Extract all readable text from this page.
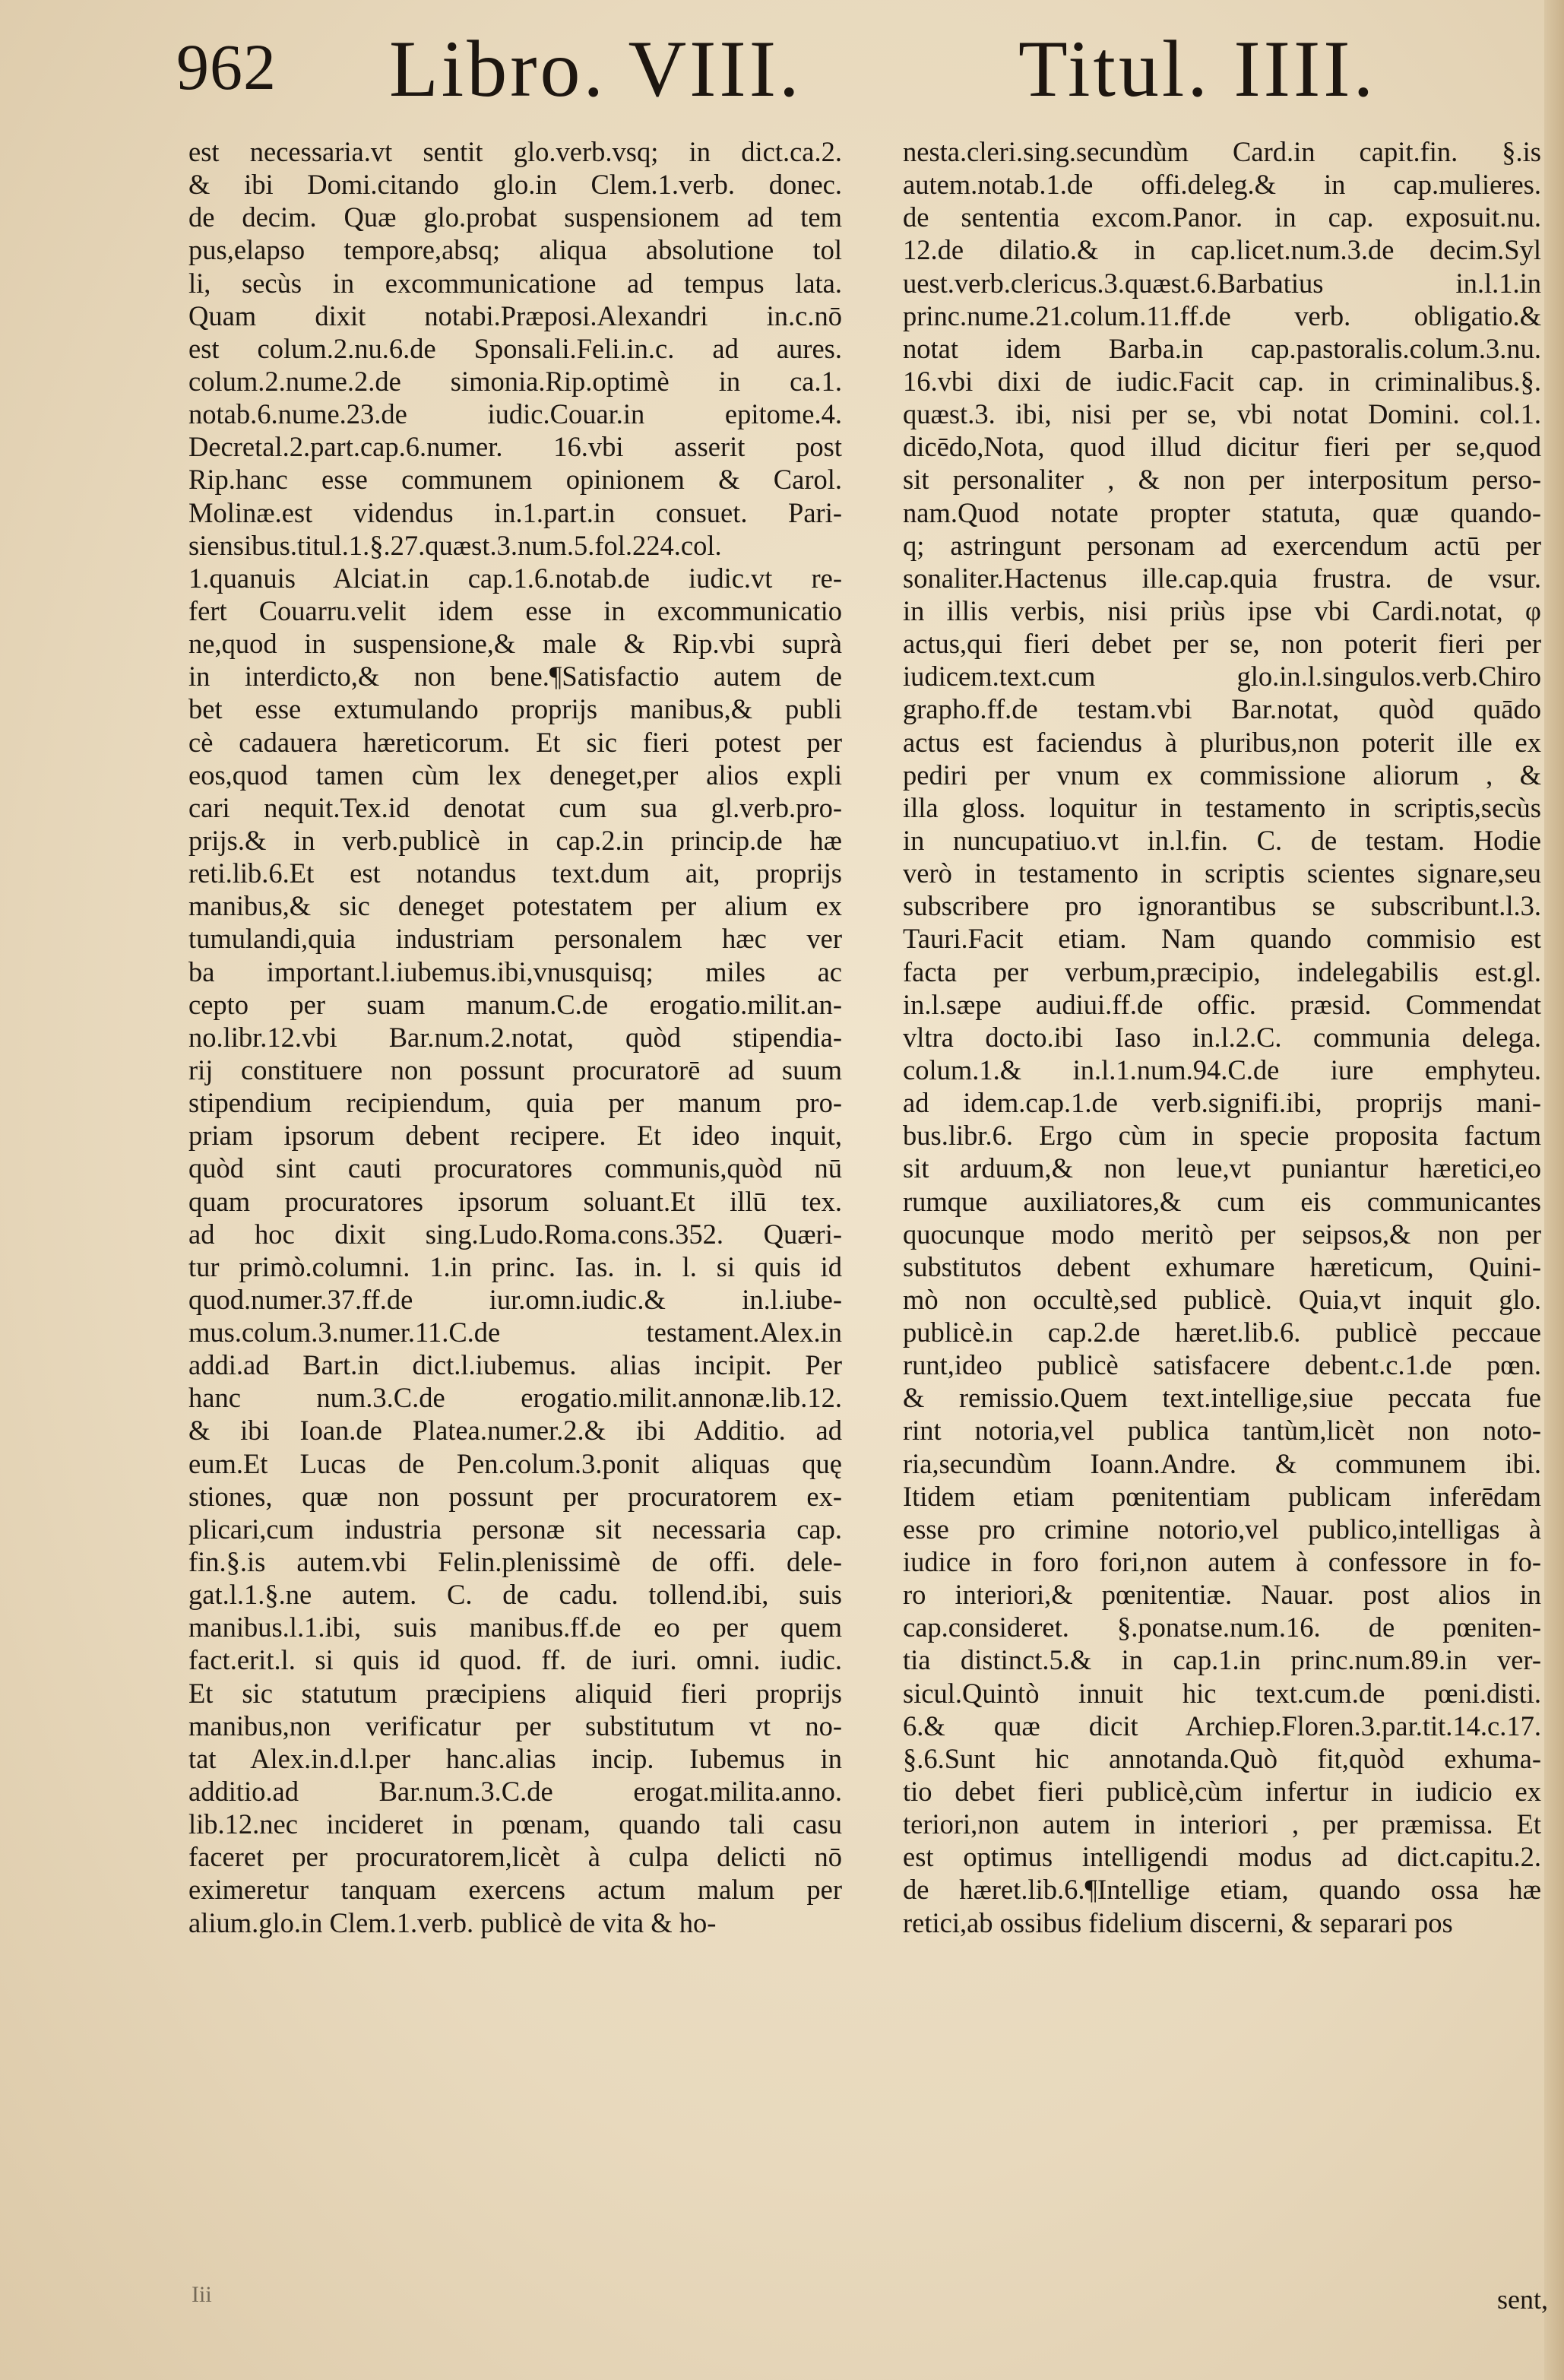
962 Libro. VIII.	Titul. IIII.
est necessaria.vt sentit glo.verb.vsq; in dict.ca.2.
& ibi Domi.citando glo.in Clem.1.verb. donec.
de decim. Quæ glo.probat suspensionem ad tem
pus,elapso tempore,absq; aliqua absolutione tol
li, secùs in excommunicatione ad tempus lata.
Quam dixit notabi.Præposi.Alexandri in.c.nō
est colum.2.nu.6.de Sponsali.Feli.in.c. ad aures.
colum.2.nume.2.de simonia.Rip.optimè in ca.1.
notab.6.nume.23.de iudic.Couar.in epitome.4.
Decretal.2.part.cap.6.numer. 16.vbi asserit post
Rip.hanc esse communem opinionem & Carol.
Molinæ.est videndus in.1.part.in consuet. Pari-
siensibus.titul.1.§.27.quæst.3.num.5.fol.224.col.
1.quanuis Alciat.in cap.1.6.notab.de iudic.vt re-
fert Couarru.velit idem esse in excommunicatio
ne,quod in suspensione,& male & Rip.vbi suprà
in interdicto,& non bene.¶Satisfactio autem de
bet esse extumulando proprijs manibus,& publi
cè cadauera hæreticorum. Et sic fieri potest per
eos,quod tamen cùm lex deneget,per alios expli
cari nequit.Tex.id denotat cum sua gl.verb.pro-
prijs.& in verb.publicè in cap.2.in princip.de hæ
reti.lib.6.Et est notandus text.dum ait, proprijs
manibus,& sic deneget potestatem per alium ex
tumulandi,quia industriam personalem hæc ver
ba important.l.iubemus.ibi,vnusquisq; miles ac
cepto per suam manum.C.de erogatio.milit.an-
no.libr.12.vbi Bar.num.2.notat, quòd stipendia-
rij constituere non possunt procuratorē ad suum
stipendium recipiendum, quia per manum pro-
priam ipsorum debent recipere. Et ideo inquit,
quòd sint cauti procuratores communis,quòd nū
quam procuratores ipsorum soluant.Et illū tex.
ad hoc dixit sing.Ludo.Roma.cons.352. Quæri-
tur primò.columni. 1.in princ. Ias. in. l. si quis id
quod.numer.37.ff.de iur.omn.iudic.& in.l.iube-
mus.colum.3.numer.11.C.de testament.Alex.in
addi.ad Bart.in dict.l.iubemus. alias incipit. Per
hanc num.3.C.de erogatio.milit.annonæ.lib.12.
& ibi Ioan.de Platea.numer.2.& ibi Additio. ad
eum.Et Lucas de Pen.colum.3.ponit aliquas quę
stiones, quæ non possunt per procuratorem ex-
plicari,cum industria personæ sit necessaria cap.
fin.§.is autem.vbi Felin.plenissimè de offi. dele-
gat.l.1.§.ne autem. C. de cadu. tollend.ibi, suis
manibus.l.1.ibi, suis manibus.ff.de eo per quem
fact.erit.l. si quis id quod. ff. de iuri. omni. iudic.
Et sic statutum præcipiens aliquid fieri proprijs
manibus,non verificatur per substitutum vt no-
tat Alex.in.d.l.per hanc.alias incip. Iubemus in
additio.ad Bar.num.3.C.de erogat.milita.anno.
lib.12.nec incideret in pœnam, quando tali casu
faceret per procuratorem,licèt à culpa delicti nō
eximeretur tanquam exercens actum malum per
alium.glo.in Clem.1.verb. publicè de vita & ho-
nesta.cleri.sing.secundùm Card.in capit.fin. §.is
autem.notab.1.de offi.deleg.& in cap.mulieres.
de sententia excom.Panor. in cap. exposuit.nu.
12.de dilatio.& in cap.licet.num.3.de decim.Syl
uest.verb.clericus.3.quæst.6.Barbatius in.l.1.in
princ.nume.21.colum.11.ff.de verb. obligatio.&
notat idem Barba.in cap.pastoralis.colum.3.nu.
16.vbi dixi de iudic.Facit cap. in criminalibus.§.
quæst.3. ibi, nisi per se, vbi notat Domini. col.1.
dicēdo,Nota, quod illud dicitur fieri per se,quod
sit personaliter , & non per interpositum perso-
nam.Quod notate propter statuta, quæ quando-
q; astringunt personam ad exercendum actū per
sonaliter.Hactenus ille.cap.quia frustra. de vsur.
in illis verbis, nisi priùs ipse vbi Cardi.notat, φ
actus,qui fieri debet per se, non poterit fieri per
iudicem.text.cum glo.in.l.singulos.verb.Chiro
grapho.ff.de testam.vbi Bar.notat, quòd quādo
actus est faciendus à pluribus,non poterit ille ex
pediri per vnum ex commissione aliorum , &
illa gloss. loquitur in testamento in scriptis,secùs
in nuncupatiuo.vt in.l.fin. C. de testam. Hodie
verò in testamento in scriptis scientes signare,seu
subscribere pro ignorantibus se subscribunt.l.3.
Tauri.Facit etiam. Nam quando commisio est
facta per verbum,præcipio, indelegabilis est.gl.
in.l.sæpe audiui.ff.de offic. præsid. Commendat
vltra docto.ibi Iaso in.l.2.C. communia delega.
colum.1.& in.l.1.num.94.C.de iure emphyteu.
ad idem.cap.1.de verb.signifi.ibi, proprijs mani-
bus.libr.6. Ergo cùm in specie proposita factum
sit arduum,& non leue,vt puniantur hæretici,eo
rumque auxiliatores,& cum eis communicantes
quocunque modo meritò per seipsos,& non per
substitutos debent exhumare hæreticum, Quini-
mò non occultè,sed publicè. Quia,vt inquit glo.
publicè.in cap.2.de hæret.lib.6. publicè peccaue
runt,ideo publicè satisfacere debent.c.1.de pœn.
& remissio.Quem text.intellige,siue peccata fue
rint notoria,vel publica tantùm,licèt non noto-
ria,secundùm Ioann.Andre. & communem ibi.
Itidem etiam pœnitentiam publicam inferēdam
esse pro crimine notorio,vel publico,intelligas à
iudice in foro fori,non autem à confessore in fo-
ro interiori,& pœnitentiæ. Nauar. post alios in
cap.consideret. §.ponatse.num.16. de pœniten-
tia distinct.5.& in cap.1.in princ.num.89.in ver-
sicul.Quintò innuit hic text.cum.de pœni.disti.
6.& quæ dicit Archiep.Floren.3.par.tit.14.c.17.
§.6.Sunt hic annotanda.Quò fit,quòd exhuma-
tio debet fieri publicè,cùm infertur in iudicio ex
teriori,non autem in interiori , per præmissa. Et
est optimus intelligendi modus ad dict.capitu.2.
de hæret.lib.6.¶Intellige etiam, quando ossa hæ
retici,ab ossibus fidelium discerni, & separari pos
Iii	sent,
